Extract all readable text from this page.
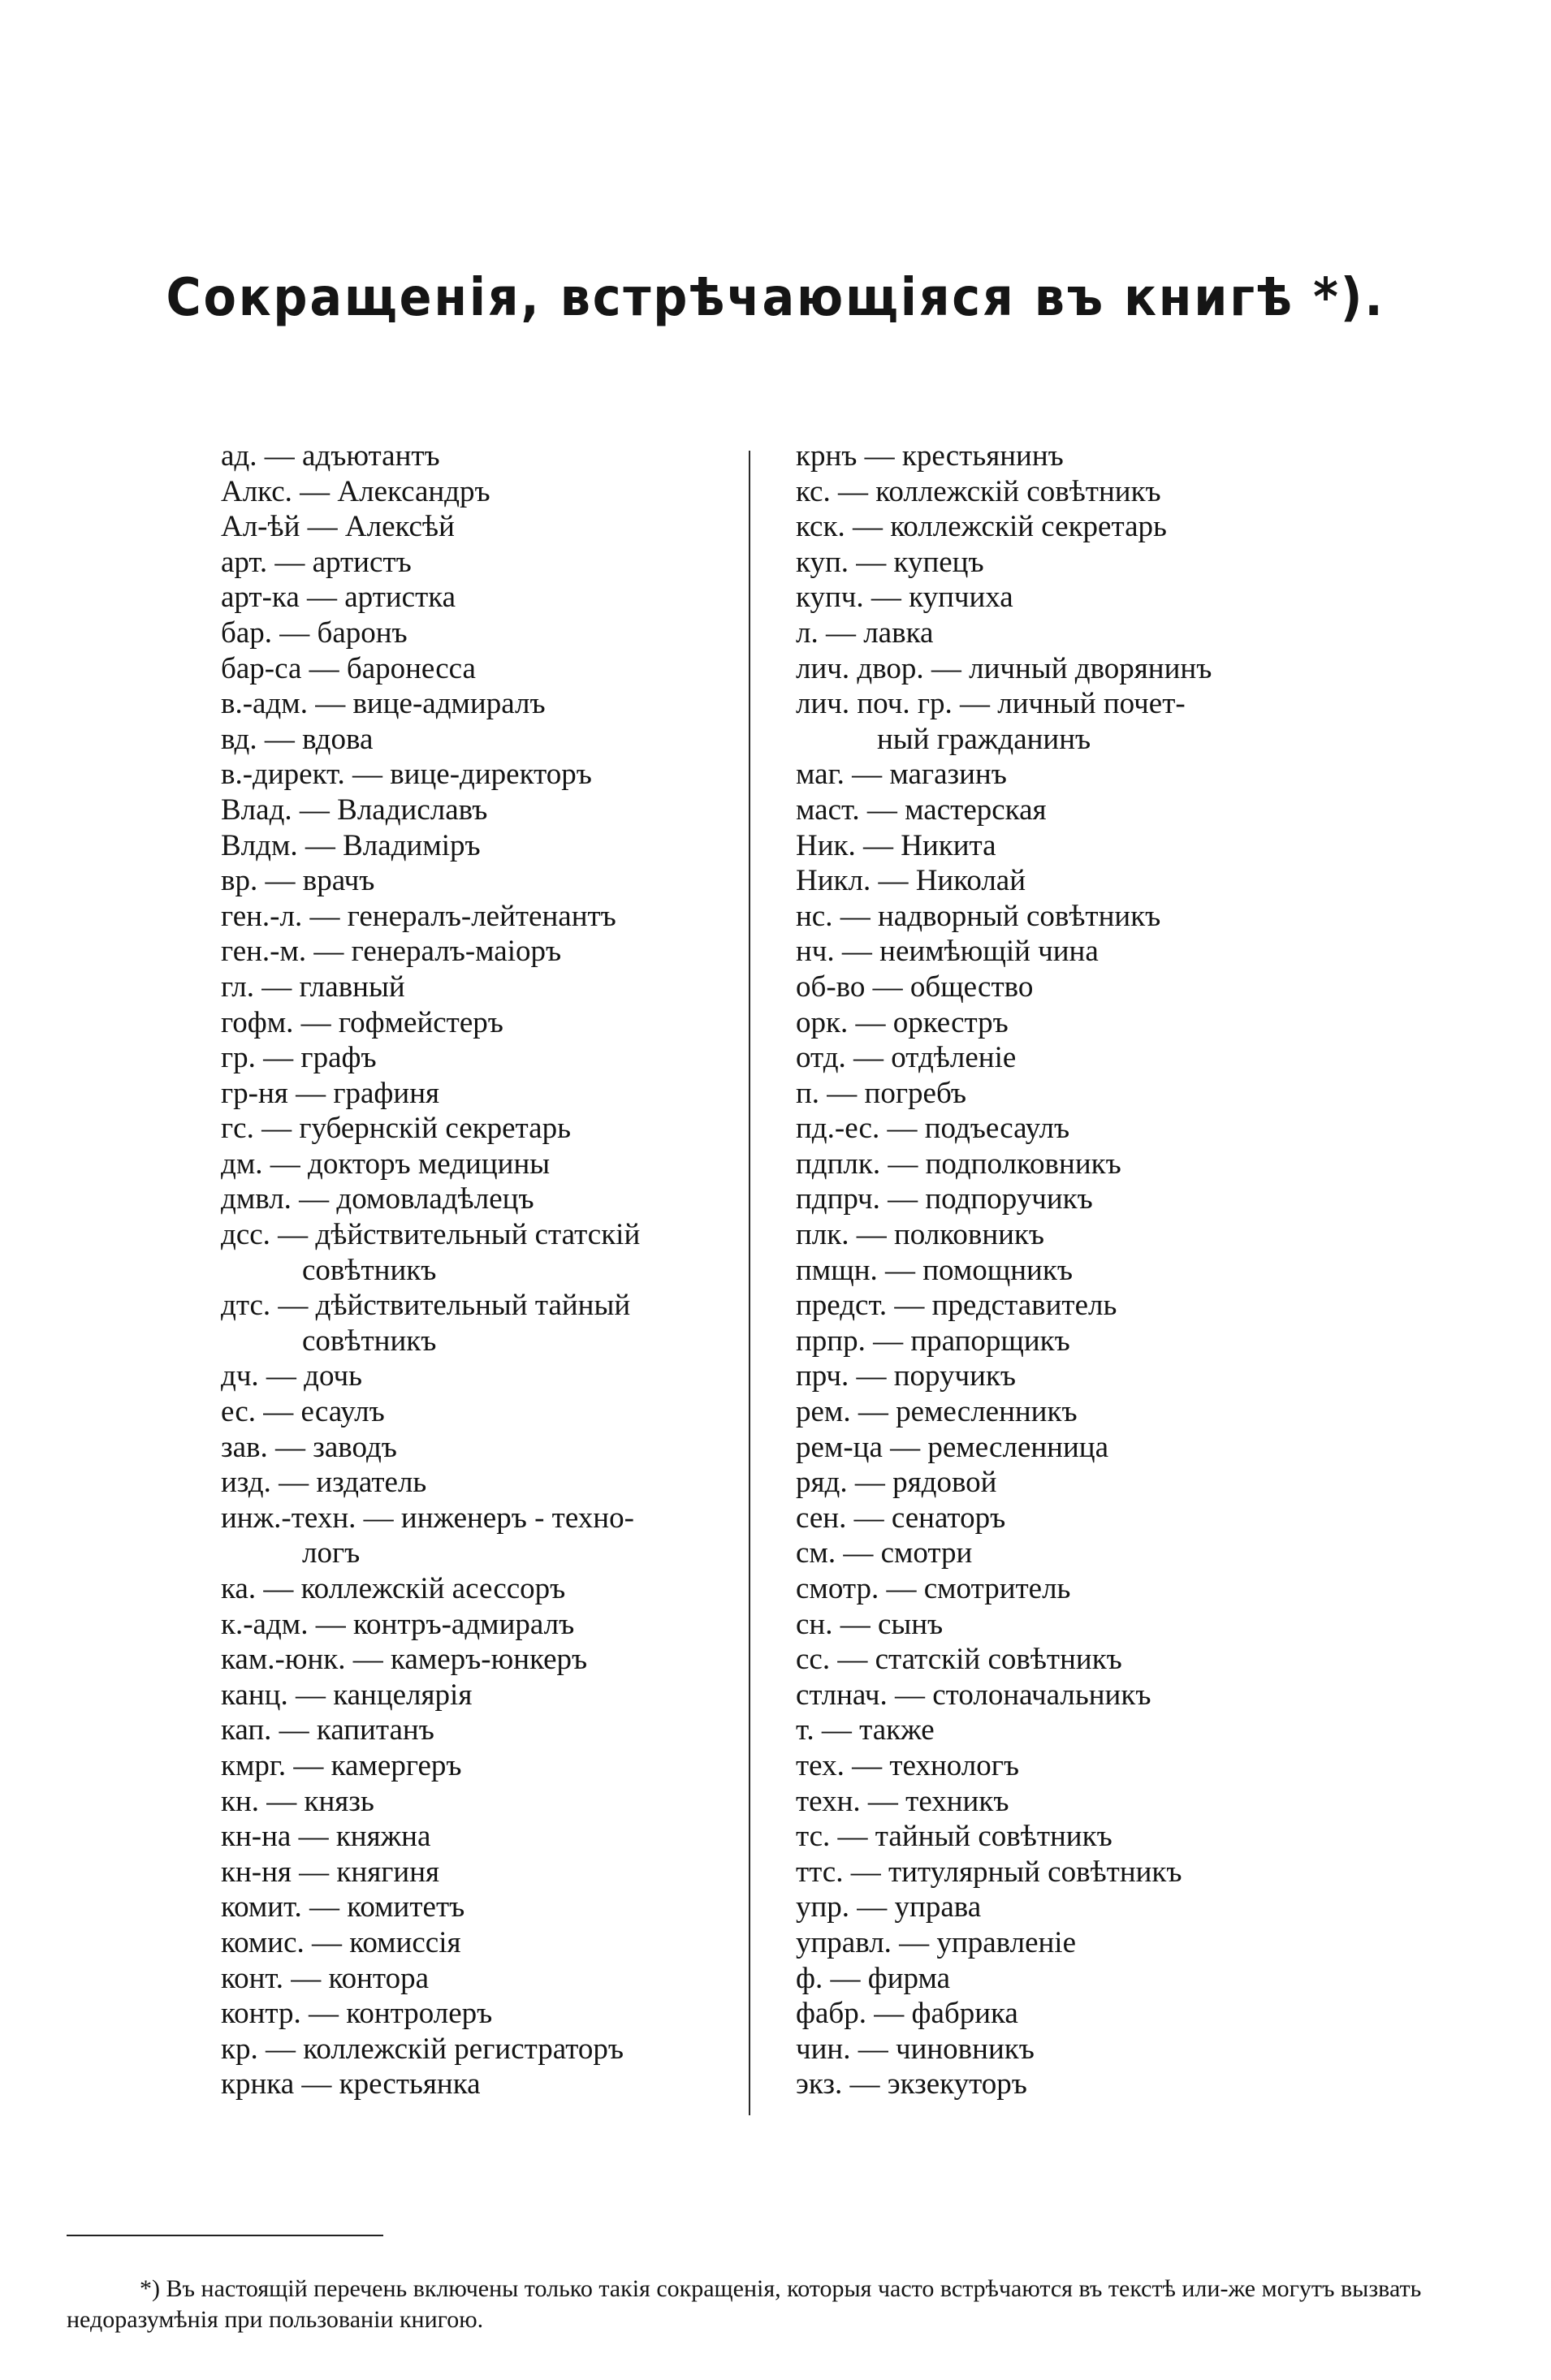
Сокращенія, встрѣчающіяся въ книгѣ *).
ад. — адъютантъ
Алкс. — Александръ
Ал-ѣй — Алексѣй
арт. — артистъ
арт-ка — артистка
бар. — баронъ
бар-са — баронесса
в.-адм. — вице-адмиралъ
вд. — вдова
в.-директ. — вице-директоръ
Влад. — Владиславъ
Влдм. — Владиміръ
вр. — врачъ
ген.-л. — генералъ-лейтенантъ
ген.-м. — генералъ-маіоръ
гл. — главный
гофм. — гофмейстеръ
гр. — графъ
гр-ня — графиня
гс. — губернскій секретарь
дм. — докторъ медицины
дмвл. — домовладѣлецъ
дсс. — дѣйствительный статскій
совѣтникъ
дтс. — дѣйствительный тайный
совѣтникъ
дч. — дочь
ес. — есаулъ
зав. — заводъ
изд. — издатель
инж.-техн. — инженеръ - техно-
логъ
ка. — коллежскій асессоръ
к.-адм. — контръ-адмиралъ
кам.-юнк. — камеръ-юнкеръ
канц. — канцелярія
кап. — капитанъ
кмрг. — камергеръ
кн. — князь
кн-на — княжна
кн-ня — княгиня
комит. — комитетъ
комис. — комиссія
конт. — контора
контр. — контролеръ
кр. — коллежскій регистраторъ
крнка — крестьянка
крнъ — крестьянинъ
кс. — коллежскій совѣтникъ
кск. — коллежскій секретарь
куп. — купецъ
купч. — купчиха
л. — лавка
лич. двор. — личный дворянинъ
лич. поч. гр. — личный почет-
ный гражданинъ
маг. — магазинъ
маст. — мастерская
Ник. — Никита
Никл. — Николай
нс. — надворный совѣтникъ
нч. — неимѣющій чина
об-во — общество
орк. — оркестръ
отд. — отдѣленіе
п. — погребъ
пд.-ес. — подъесаулъ
пдплк. — подполковникъ
пдпрч. — подпоручикъ
плк. — полковникъ
пмщн. — помощникъ
предст. — представитель
прпр. — прапорщикъ
прч. — поручикъ
рем. — ремесленникъ
рем-ца — ремесленница
ряд. — рядовой
сен. — сенаторъ
см. — смотри
смотр. — смотритель
сн. — сынъ
сс. — статскій совѣтникъ
стлнач. — столоначальникъ
т. — также
тех. — технологъ
техн. — техникъ
тс. — тайный совѣтникъ
ттс. — титулярный совѣтникъ
упр. — управа
управл. — управленіе
ф. — фирма
фабр. — фабрика
чин. — чиновникъ
экз. — экзекуторъ
*) Въ настоящій перечень включены только такія сокращенія, которыя часто встрѣчаются въ текстѣ или-же могутъ вызвать недоразумѣнія при пользованіи книгою.
